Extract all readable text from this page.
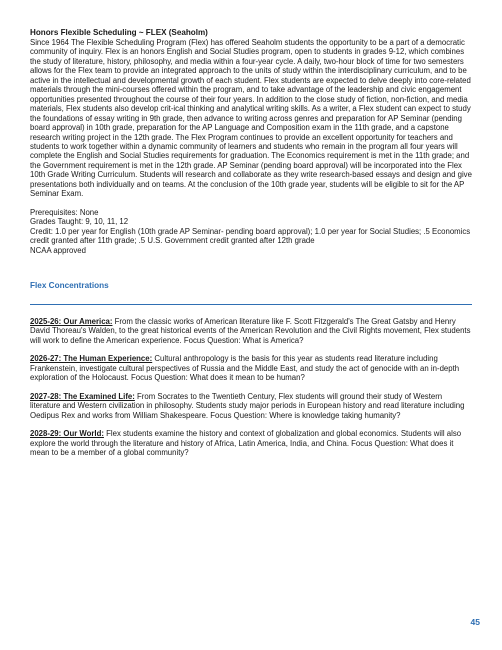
Honors Flexible Scheduling ~ FLEX (Seaholm)

Since 1964 The Flexible Scheduling Program (Flex) has offered Seaholm students the opportunity to be a part of a democratic community of inquiry. Flex is an honors English and Social Studies program, open to students in grades 9-12, which combines the study of literature, history, philosophy, and media within a four-year cycle. A daily, two-hour block of time for two semesters allows for the Flex team to provide an integrated approach to the units of study within the interdisciplinary curriculum, and to be active in the intellectual and developmental growth of each student. Flex students are expected to delve deeply into core-related materials through the mini-courses offered within the program, and to take advantage of the leadership and civic engagement opportunities presented throughout the course of their four years. In addition to the close study of fiction, non-fiction, and media materials, Flex students also develop crit-ical thinking and analytical writing skills. As a writer, a Flex student can expect to study the foundations of essay writing in 9th grade, then advance to writing across genres and preparation for AP Seminar (pending board approval) in 10th grade, preparation for the AP Language and Composition exam in the 11th grade, and a capstone research writing project in the 12th grade. The Flex Program continues to provide an excellent opportunity for teachers and students to work together within a dynamic community of learners and students who remain in the program all four years will complete the English and Social Studies requirements for graduation. The Economics requirement is met in the 11th grade; and the Government requirement is met in the 12th grade. AP Seminar (pending board approval) will be incorporated into the Flex 10th Grade Writing Curriculum. Students will research and collaborate as they write research-based essays and design and give presentations both individually and on teams. At the conclusion of the 10th grade year, students will be eligible to sit for the AP Seminar Exam.

Prerequisites: None

Grades Taught: 9, 10, 11, 12

Credit: 1.0 per year for English (10th grade AP Seminar- pending board approval); 1.0 per year for Social Studies; .5 Economics credit granted after 11th grade; .5 U.S. Government credit granted after 12th grade

NCAA approved

Flex Concentrations

2025-26: Our America: From the classic works of American literature like F. Scott Fitzgerald's The Great Gatsby and Henry David Thoreau's Walden, to the great historical events of the American Revolution and the Civil Rights movement, Flex students will work to define the American experience. Focus Question: What is America?

2026-27: The Human Experience: Cultural anthropology is the basis for this year as students read literature including Frankenstein, investigate cultural perspectives of Russia and the Middle East, and study the act of genocide with an in-depth exploration of the Holocaust. Focus Question: What does it mean to be human?

2027-28: The Examined Life: From Socrates to the Twentieth Century, Flex students will ground their study of Western literature and Western civilization in philosophy. Students study major periods in European history and read literature including Oedipus Rex and works from William Shakespeare. Focus Question: Where is knowledge taking humanity?

2028-29: Our World: Flex students examine the history and context of globalization and global economics. Students will also explore the world through the literature and history of Africa, Latin America, India, and China. Focus Question: What does it mean to be a member of a global community?

45
